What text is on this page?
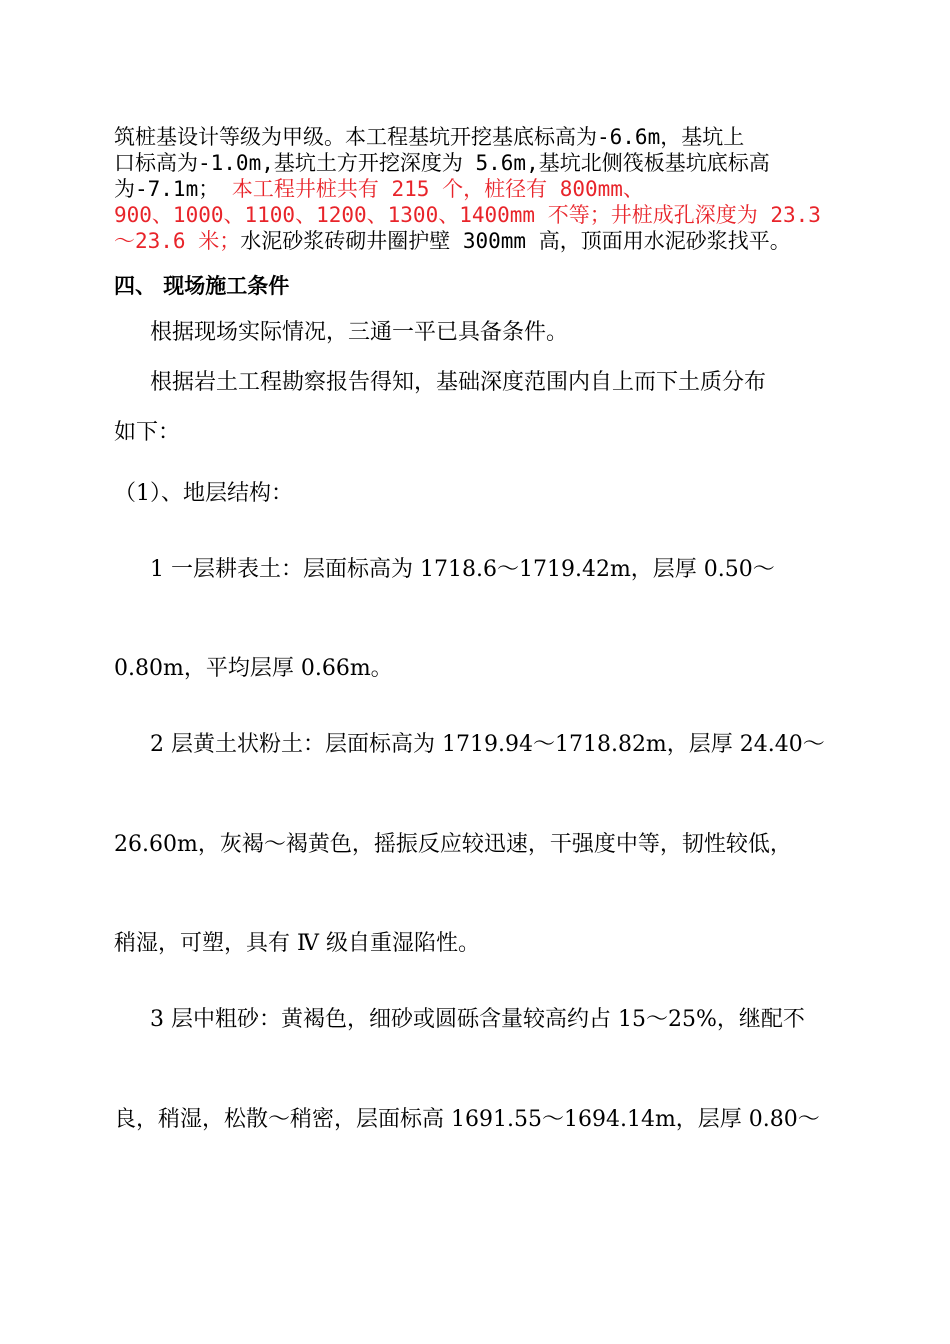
筑桩基设计等级为甲级。本工程基坑开挖基底标高为-6.6m，基坑上
口标高为-1.0m,基坑土方开挖深度为 5.6m,基坑北侧筏板基坑底标高
为-7.1m； 本工程井桩共有 215 个，桩径有 800mm、
900、1000、1100、1200、1300、1400mm 不等；井桩成孔深度为 23.3
～23.6 米；水泥砂浆砖砌井圈护壁 300mm 高，顶面用水泥砂浆找平。
四、 现场施工条件
根据现场实际情况，三通一平已具备条件。
根据岩土工程勘察报告得知，基础深度范围内自上而下土质分布
如下：
（1）、地层结构：
1 一层耕表土：层面标高为 1718.6～1719.42m，层厚 0.50～
0.80m，平均层厚 0.66m。
2 层黄土状粉土：层面标高为 1719.94～1718.82m，层厚 24.40～
26.60m，灰褐～褐黄色，摇振反应较迅速，干强度中等，韧性较低，
稍湿，可塑，具有 Ⅳ 级自重湿陷性。
3 层中粗砂：黄褐色，细砂或圆砾含量较高约占 15～25%，继配不
良，稍湿，松散～稍密，层面标高 1691.55～1694.14m，层厚 0.80～
